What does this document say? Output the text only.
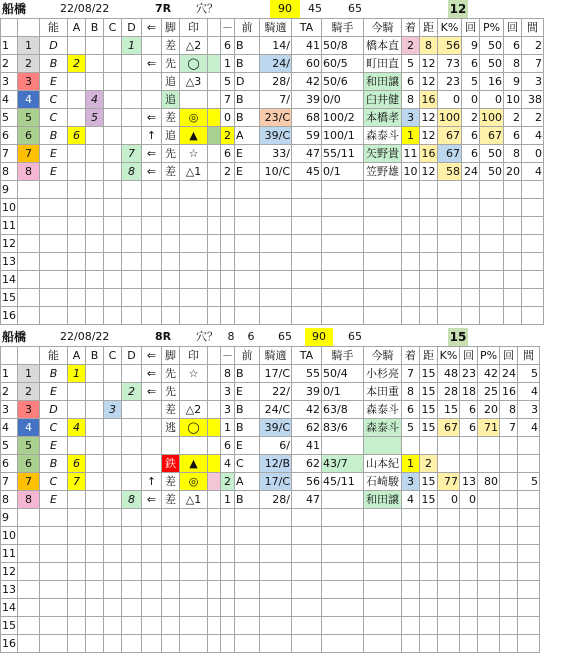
船橋	22/08/22	7R 穴？	90	45	65	12
		能	A	B	C	D	⇐	脚	印		－	前	騎適	TA	騎手	今騎	着	距	K%	回	P%	回	間
1	1	D				1		差	△2		6	B	14/	41	50/8	橋本直	2	8	56	9	50	6	2
2	2	B	2				⇐	先	◯		1	B	24/	60	60/5	町田直	5	12	73	6	50	8	7
3	3	E						追	△3		5	D	28/	42	50/6	和田譲	6	12	23	5	16	9	3
4	4	C		4				追			7	B	7/	39	0/0	臼井健	8	16	0	0	0	10	38
5	5	C		5			⇐	差	◎		0	B	23/C	68	100/2	本橋孝	3	12	100	2	100	2	2
6	6	B	6				↑	追	▲		2	A	39/C	59	100/1	森泰斗	1	12	67	6	67	6	4
7	7	E				7	⇐	先	☆		6	E	33/	47	55/11	矢野貴	11	16	67	6	50	8	0
8	8	E				8	⇐	差	△1		2	E	10/C	45	0/1	笠野雄	10	12	58	24	50	20	4
9																							
10																							
11																							
12																							
13																							
14																							
15																							
16																							
船橋	22/08/22	8R 穴？ 8	6	65	90	65	15
		能	A	B	C	D	⇐	脚	印		－	前	騎適	TA	騎手	今騎	着	距	K%	回	P%	回	間
1	1	B	1				⇐	先	☆		8	B	17/C	55	50/4	小杉亮	7	15	48	23	42	24	5
2	2	E				2	⇐	先			3	E	22/	39	0/1	本田重	8	15	28	18	25	16	4
3	3	D			3			差	△2		3	B	24/C	42	63/8	森泰斗	6	15	15	6	20	8	3
4	4	C	4					逃	◯		1	B	39/C	62	83/6	森泰斗	5	15	67	6	71	7	4
5	5	E									6	E	6/	41									
6	6	B	6					鉄	▲		4	C	12/B	62	43/7	山本紀	1	2					
7	7	C	7				↑	差	◎		2	A	17/C	56	45/11	石崎駿	3	15	77	13	80		5
8	8	E				8	⇐	差	△1		1	B	28/	47		和田譲	4	15	0	0			
9																							
10																							
11																							
12																							
13																							
14																							
15																							
16																							
